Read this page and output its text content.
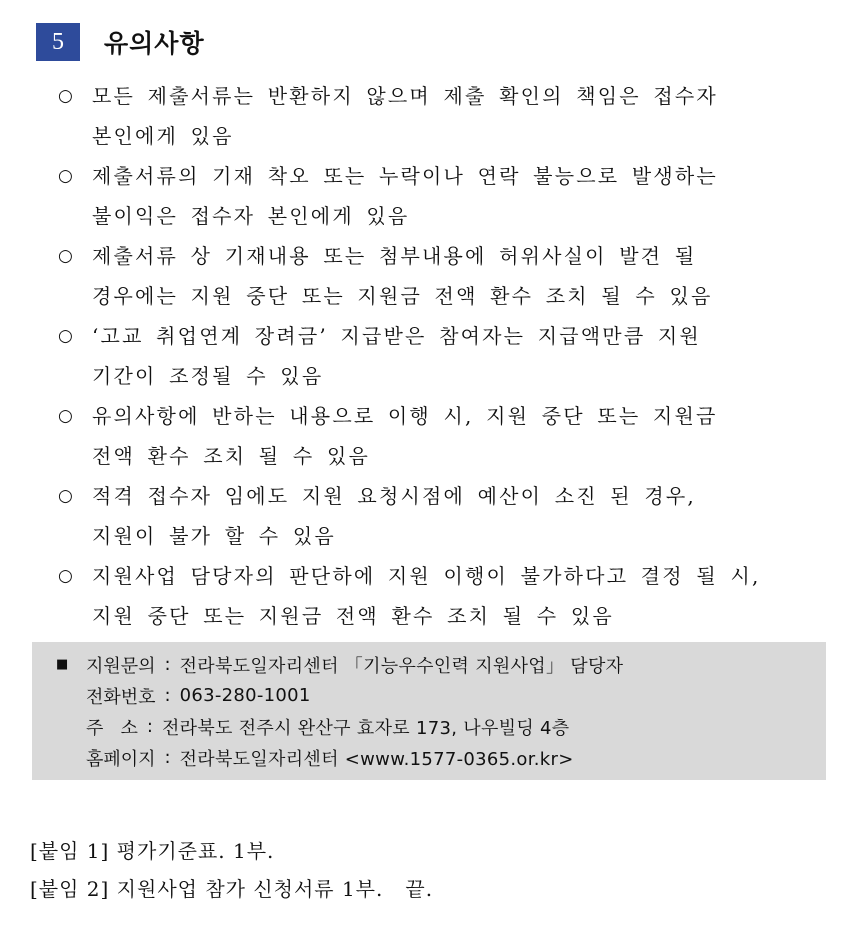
5	유의사항
○ 모든 제출서류는 반환하지 않으며 제출 확인의 책임은 접수자
본인에게 있음
○ 제출서류의 기재 착오 또는 누락이나 연락 불능으로 발생하는
불이익은 접수자 본인에게 있음
○ 제출서류 상 기재내용 또는 첨부내용에 허위사실이 발견 될
경우에는 지원 중단 또는 지원금 전액 환수 조치 될 수 있음
○ ‘고교 취업연계 장려금’ 지급받은 참여자는 지급액만큼 지원
기간이 조정될 수 있음
○ 유의사항에 반하는 내용으로 이행 시, 지원 중단 또는 지원금
전액 환수 조치 될 수 있음
○ 적격 접수자 임에도 지원 요청시점에 예산이 소진 된 경우,
지원이 불가 할 수 있음
○ 지원사업 담당자의 판단하에 지원 이행이 불가하다고 결정 될 시,
지원 중단 또는 지원금 전액 환수 조치 될 수 있음
■ 지원문의 : 전라북도일자리센터 「기능우수인력 지원사업」 담당자
전화번호 : 063-280-1001
주   소 : 전라북도 전주시 완산구 효자로 173, 나우빌딩 4층
홈페이지 : 전라북도일자리센터 <www.1577-0365.or.kr>
[붙임 1] 평가기준표. 1부.
[붙임 2] 지원사업 참가 신청서류 1부.   끝.
